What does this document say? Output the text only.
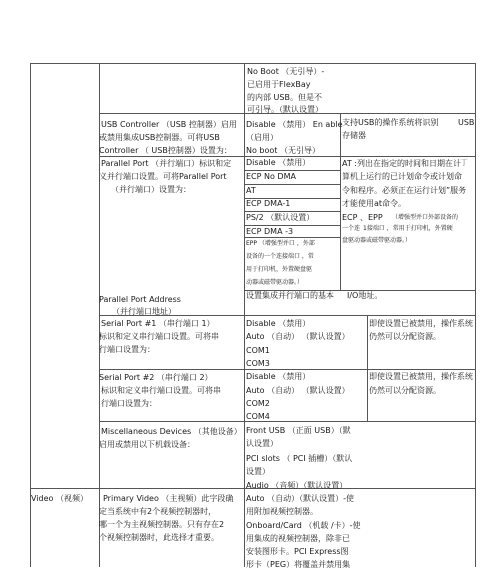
No Boot （无引导）-
已启用于FlexBay
的内部 USB。但是不
可引导。（默认设置）
USB Controller （USB 控制器）启用
或禁用集成USB控制器。可将USB
Controller （ USB控制器）设置为：
Disable （禁用） En able
（启用）
No boot （无引导）
支持USB的操作系统将识别 USB
存储器
Parallel Port （并行端口）标识和定
义并行端口设置。可将Parallel Port
（并行端口）设置为：
Disable （禁用）
ECP No DMA
AT
ECP DMA-1
PS/2 （默认设置）
ECP DMA -3
EPP （增强型并口 ，外部
设备的一个连接端口 ，常
用于打印机，外置硬盘驱
动器或磁带驱动器。）
AT :列出在指定的时间和日期在计 丁
算机上运行的已计划命令或计划命
令和程序。必须正在运行计划”服务
才能使用at命令。
ECP 、EPP （增强型并口外部设备的
一个连 1接端口 ，常用于打印机，外置硬
盘驱动器或磁带驱动器。）
Parallel Port Address
（并行端口地址）
设置集成并行端口的基本 I/O地址。
Serial Port #1 （串行端口 1）
标识和定义串行端口设置。可将串
行端口设置为：
Disable （禁用）
Auto （自动） （默认设置）
COM1
COM3
即使设置已被禁用，操作系统
仍然可以分配资源。
Serial Port #2 （串行端口 2）
标识和定义串行端口设置。可将串
行端口设置为：
Disable （禁用）
Auto （自动） （默认设置）
COM2
COM4
即使设置已被禁用，操作系统
仍然可以分配资源。
Miscellaneous Devices （其他设备）
启用或禁用以下机载设备：
Front USB （正面 USB）（默
认设置）
PCI slots （ PCI 插槽）（默认
设置）
Audio （音频）（默认设置）
Video （视频） Primary Video （主视频）此字段确
定当系统中有2个视频控制器时，
哪一个为主视频控制器。只有存在2
个视频控制器时，此选择才重要。
Auto （自动）（默认设置）-使
用附加视频控制器。
Onboard/Card （机载 /卡）-使
用集成的视频控制器，除非已
安装图形卡。PCI Express图
形卡（PEG）将覆盖并禁用集
